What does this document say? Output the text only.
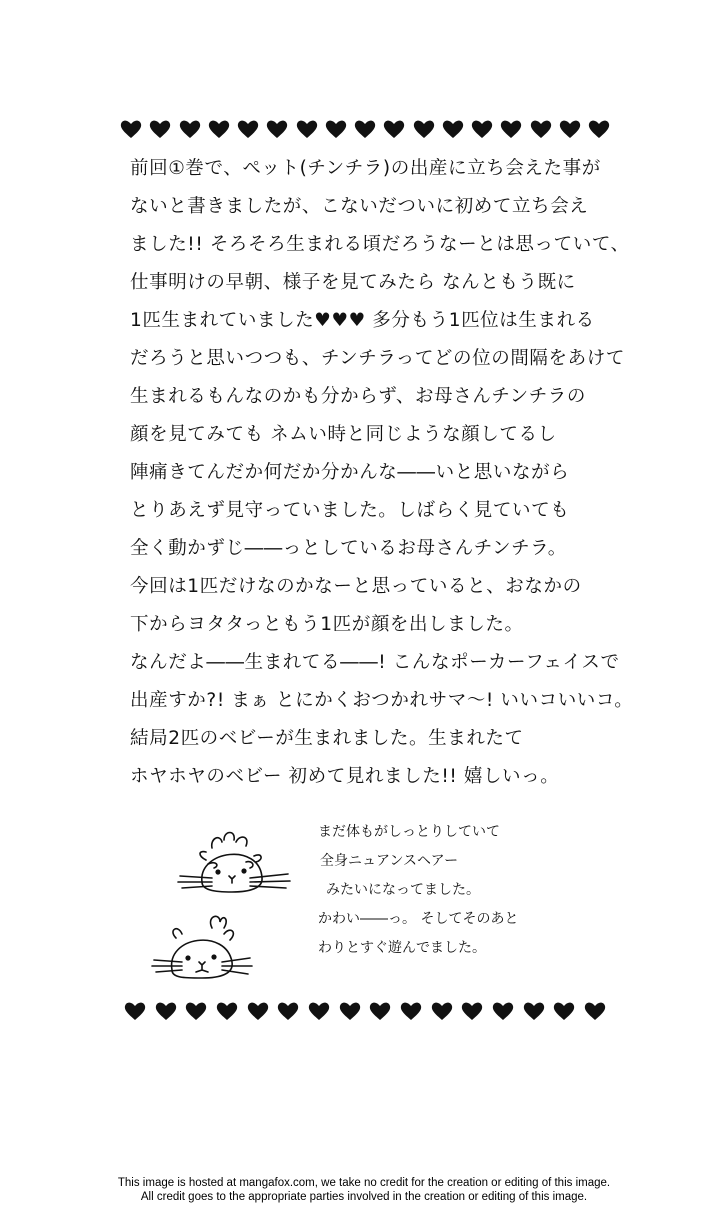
前回①巻で、ペット(チンチラ)の出産に立ち会えた事が
ないと書きましたが、こないだついに初めて立ち会え
ました!! そろそろ生まれる頃だろうなーとは思っていて、
仕事明けの早朝、様子を見てみたら なんともう既に
1匹生まれていました♥♥♥ 多分もう1匹位は生まれる
だろうと思いつつも、チンチラってどの位の間隔をあけて
生まれるもんなのかも分からず、お母さんチンチラの
顔を見てみても ネムい時と同じような顔してるし
陣痛きてんだか何だか分かんな――いと思いながら
とりあえず見守っていました。しばらく見ていても
全く動かずじ――っとしているお母さんチンチラ。
今回は1匹だけなのかなーと思っていると、おなかの
下からヨタタっともう1匹が顔を出しました。
なんだよ――生まれてる――! こんなポーカーフェイスで
出産すか?! まぁ とにかくおつかれサマ〜! いいコいいコ。
結局2匹のベビーが生まれました。生まれたて
ホヤホヤのベビー 初めて見れました!! 嬉しいっ。
まだ体もがしっとりしていて
全身ニュアンスヘアー
みたいになってました。
かわい――っ。 そしてそのあと
わりとすぐ遊んでました。
This image is hosted at mangafox.com, we take no credit for the creation or editing of this image.
All credit goes to the appropriate parties involved in the creation or editing of this image.
